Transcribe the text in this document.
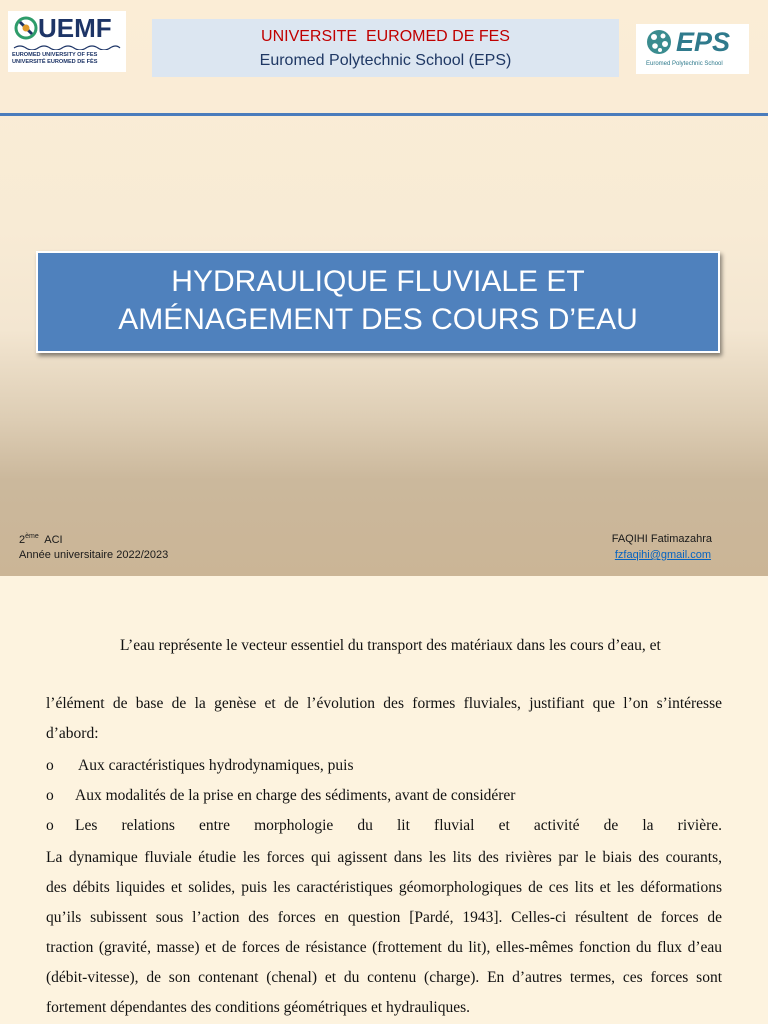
UEMF
EUROMED UNIVERSITY OF FES
UNIVERSITÉ EUROMED DE FÈS
UNIVERSITE  EUROMED DE FES
Euromed Polytechnic School (EPS)
EPS
Euromed Polytechnic School
HYDRAULIQUE FLUVIALE ET
AMÉNAGEMENT DES COURS D’EAU
2ème ACI
Année universitaire 2022/2023
FAQIHI Fatimazahra
fzfaqihi@gmail.com
L’eau représente le vecteur essentiel du transport des matériaux dans les cours d’eau, et
l’élément de base de la genèse et de l’évolution des formes fluviales, justifiant que l’on s’intéresse
d’abord:
o Aux caractéristiques hydrodynamiques, puis
o Aux modalités de la prise en charge des sédiments, avant de considérer
o Les relations entre morphologie du lit fluvial et activité de la rivière.
La dynamique fluviale étudie les forces qui agissent dans les lits des rivières par le biais des courants,
des débits liquides et solides, puis les caractéristiques géomorphologiques de ces lits et les déformations
qu’ils subissent sous l’action des forces en question [Pardé, 1943]. Celles-ci résultent de forces de
traction (gravité, masse) et de forces de résistance (frottement du lit), elles-mêmes fonction du flux d’eau
(débit-vitesse), de son contenant (chenal) et du contenu (charge). En d’autres termes, ces forces sont
fortement dépendantes des conditions géométriques et hydrauliques.
